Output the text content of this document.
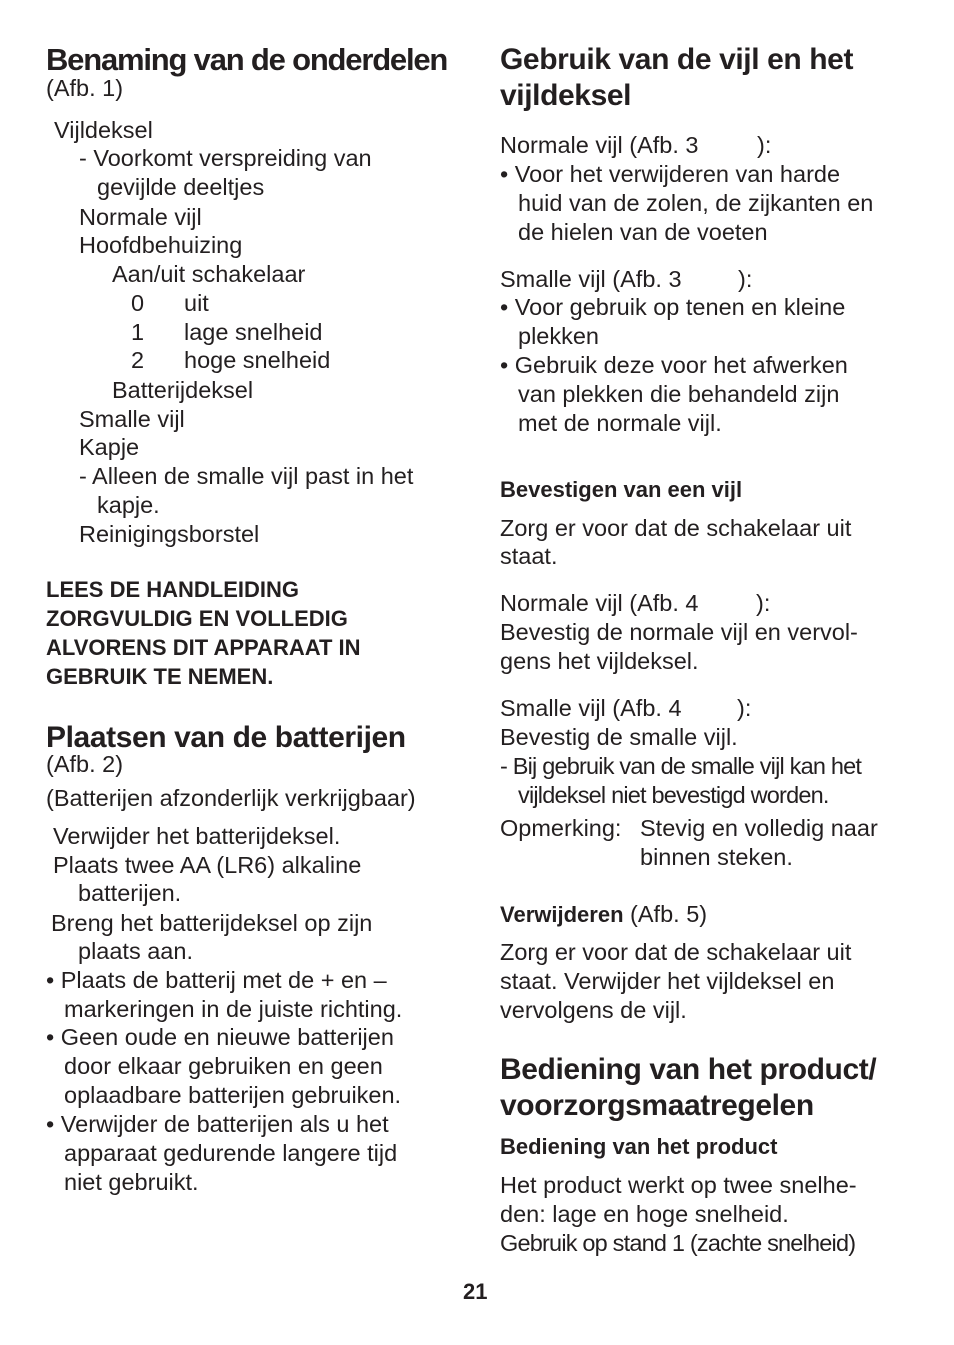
Benaming van de onderdelen
(Afb. 1)
Vijldeksel
- Voorkomt verspreiding van
gevijlde deeltjes
Normale vijl
Hoofdbehuizing
Aan/uit schakelaar
0 uit
1 lage snelheid
2 hoge snelheid
Batterijdeksel
Smalle vijl
Kapje
- Alleen de smalle vijl past in het
kapje.
Reinigingsborstel
LEES DE HANDLEIDING
ZORGVULDIG EN VOLLEDIG
ALVORENS DIT APPARAAT IN
GEBRUIK TE NEMEN.
Plaatsen van de batterijen
(Afb. 2)
(Batterijen afzonderlijk verkrijgbaar)
Verwijder het batterijdeksel.
Plaats twee AA (LR6) alkaline
batterijen.
Breng het batterijdeksel op zijn
plaats aan.
• Plaats de batterij met de + en –
markeringen in de juiste richting.
• Geen oude en nieuwe batterijen
door elkaar gebruiken en geen
oplaadbare batterijen gebruiken.
• Verwijder de batterijen als u het
apparaat gedurende langere tijd
niet gebruikt.
Gebruik van de vijl en het
vijldeksel
Normale vijl (Afb. 3 ):
• Voor het verwijderen van harde
huid van de zolen, de zijkanten en
de hielen van de voeten
Smalle vijl (Afb. 3 ):
• Voor gebruik op tenen en kleine
plekken
• Gebruik deze voor het afwerken
van plekken die behandeld zijn
met de normale vijl.
Bevestigen van een vijl
Zorg er voor dat de schakelaar uit
staat.
Normale vijl (Afb. 4 ):
Bevestig de normale vijl en vervol-
gens het vijldeksel.
Smalle vijl (Afb. 4 ):
Bevestig de smalle vijl.
- Bij gebruik van de smalle vijl kan het
vijldeksel niet bevestigd worden.
Opmerking: Stevig en volledig naar
binnen steken.
Verwijderen (Afb. 5)
Zorg er voor dat de schakelaar uit
staat. Verwijder het vijldeksel en
vervolgens de vijl.
Bediening van het product/
voorzorgsmaatregelen
Bediening van het product
Het product werkt op twee snelhe-
den: lage en hoge snelheid.
Gebruik op stand 1 (zachte snelheid)
21
